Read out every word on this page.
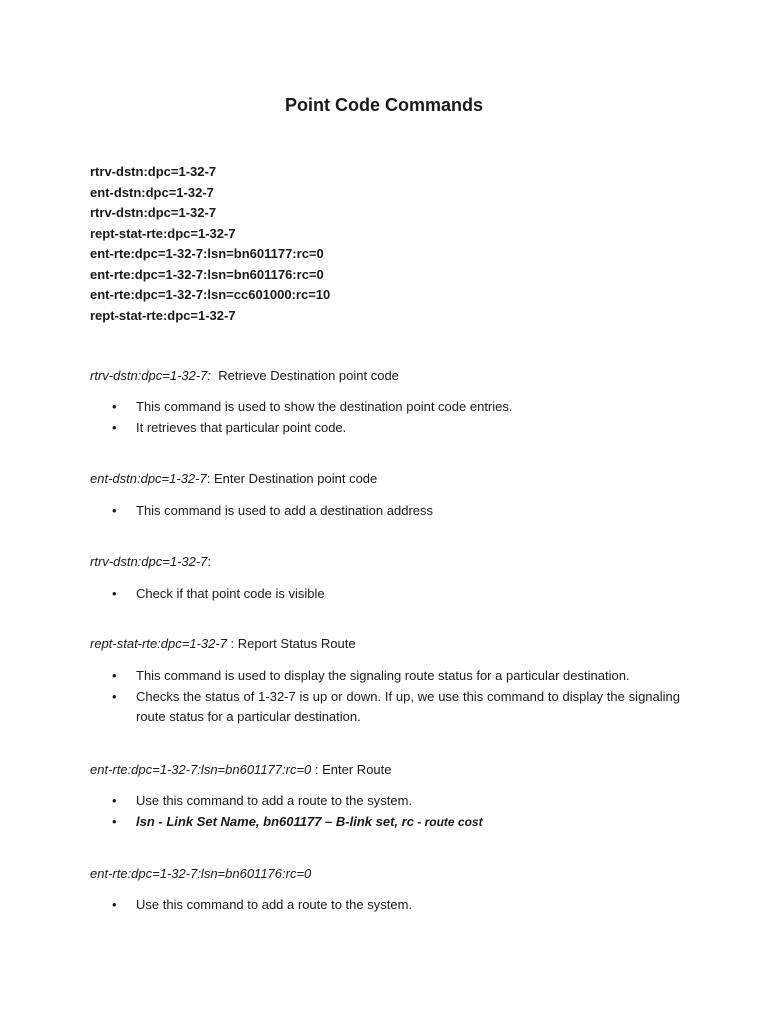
Point Code Commands
rtrv-dstn:dpc=1-32-7
ent-dstn:dpc=1-32-7
rtrv-dstn:dpc=1-32-7
rept-stat-rte:dpc=1-32-7
ent-rte:dpc=1-32-7:lsn=bn601177:rc=0
ent-rte:dpc=1-32-7:lsn=bn601176:rc=0
ent-rte:dpc=1-32-7:lsn=cc601000:rc=10
rept-stat-rte:dpc=1-32-7

rtrv-dstn:dpc=1-32-7:  Retrieve Destination point code

• This command is used to show the destination point code entries.
• It retrieves that particular point code.

ent-dstn:dpc=1-32-7: Enter Destination point code

• This command is used to add a destination address

rtrv-dstn:dpc=1-32-7:

• Check if that point code is visible

rept-stat-rte:dpc=1-32-7 : Report Status Route

• This command is used to display the signaling route status for a particular destination.
• Checks the status of 1-32-7 is up or down. If up, we use this command to display the signaling route status for a particular destination.

ent-rte:dpc=1-32-7:lsn=bn601177:rc=0 : Enter Route

• Use this command to add a route to the system.
• lsn - Link Set Name, bn601177 – B-link set, rc - route cost

ent-rte:dpc=1-32-7:lsn=bn601176:rc=0

• Use this command to add a route to the system.
